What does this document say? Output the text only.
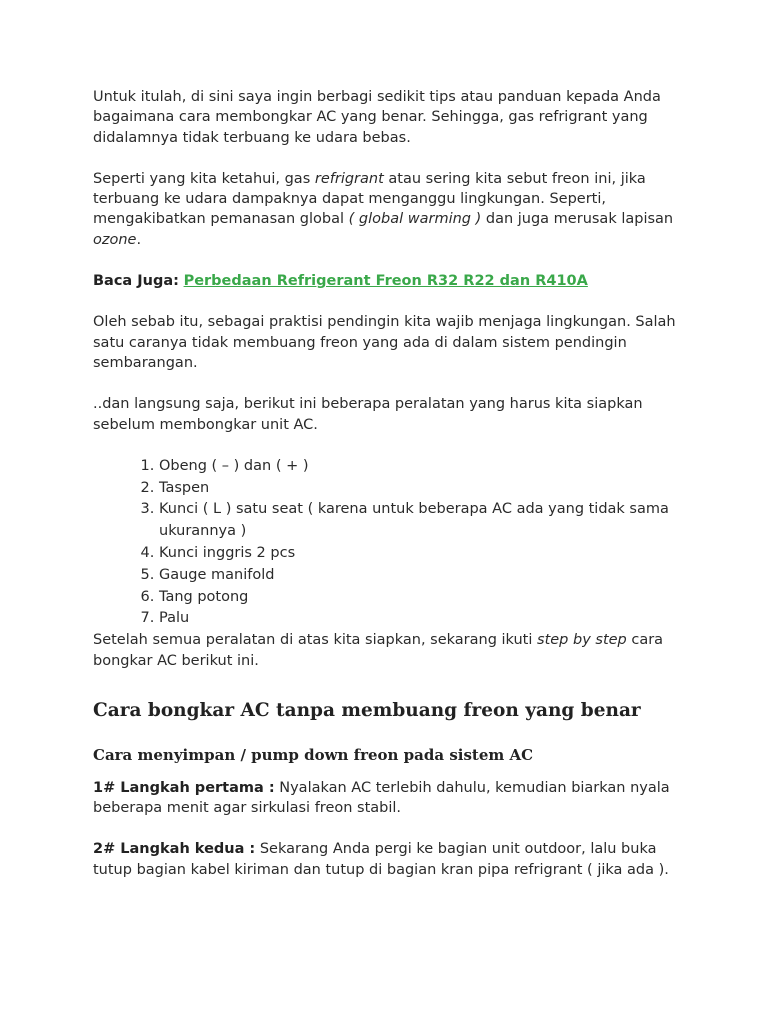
Untuk itulah, di sini saya ingin berbagi sedikit tips atau panduan kepada Anda bagaimana cara membongkar AC yang benar. Sehingga, gas refrigrant yang didalamnya tidak terbuang ke udara bebas.

Seperti yang kita ketahui, gas refrigrant atau sering kita sebut freon ini, jika terbuang ke udara dampaknya dapat menganggu lingkungan. Seperti, mengakibatkan pemanasan global ( global warming ) dan juga merusak lapisan ozone.

Baca Juga: Perbedaan Refrigerant Freon R32 R22 dan R410A

Oleh sebab itu, sebagai praktisi pendingin kita wajib menjaga lingkungan. Salah satu caranya tidak membuang freon yang ada di dalam sistem pendingin sembarangan.

..dan langsung saja, berikut ini beberapa peralatan yang harus kita siapkan sebelum membongkar unit AC.

1. Obeng ( – ) dan ( + )
2. Taspen
3. Kunci ( L ) satu seat ( karena untuk beberapa AC ada yang tidak sama ukurannya )
4. Kunci inggris 2 pcs
5. Gauge manifold
6. Tang potong
7. Palu

Setelah semua peralatan di atas kita siapkan, sekarang ikuti step by step cara bongkar AC berikut ini.

Cara bongkar AC tanpa membuang freon yang benar
Cara menyimpan / pump down freon pada sistem AC

1# Langkah pertama : Nyalakan AC terlebih dahulu, kemudian biarkan nyala beberapa menit agar sirkulasi freon stabil.

2# Langkah kedua : Sekarang Anda pergi ke bagian unit outdoor, lalu buka tutup bagian kabel kiriman dan tutup di bagian kran pipa refrigrant ( jika ada ).
